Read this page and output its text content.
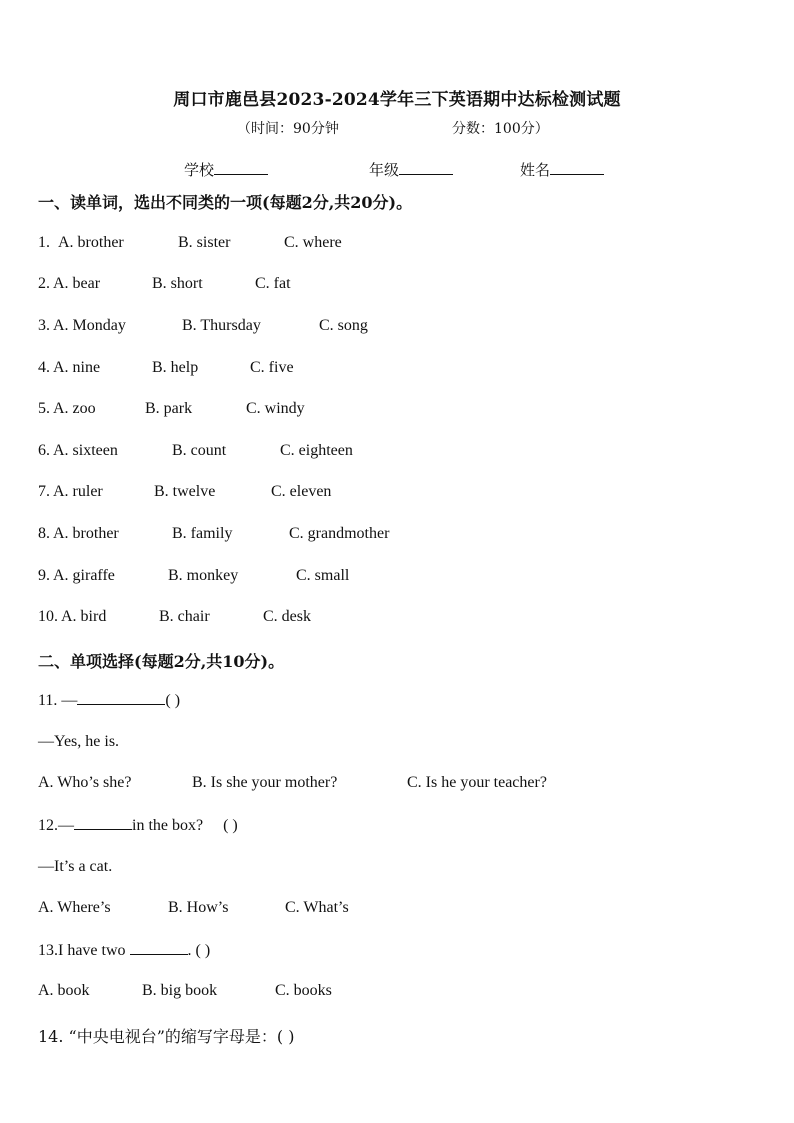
周口市鹿邑县2023-2024学年三下英语期中达标检测试题
（时间：90分钟	分数：100分）
学校	年级	姓名
一、读单词，选出不同类的一项(每题2分,共20分)。
1. A. brother	B. sister	C. where
2. A. bear	B. short	C. fat
3. A. Monday	B. Thursday	C. song
4. A. nine	B. help	C. five
5. A. zoo	B. park	C. windy
6. A. sixteen	B. count	C. eighteen
7. A. ruler	B. twelve	C. eleven
8. A. brother	B. family	C. grandmother
9. A. giraffe	B. monkey	C. small
10. A. bird	B. chair	C. desk
二、单项选择(每题2分,共10分)。
11. —	( )
—Yes, he is.
A. Who’s she?	B. Is she your mother?	C. Is he your teacher?
12.—	in the box? ( )
—It’s a cat.
A. Where’s	B. How’s	C. What’s
13.I have two	. ( )
A. book	B. big book	C. books
14. “中央电视台”的缩写字母是：( )
